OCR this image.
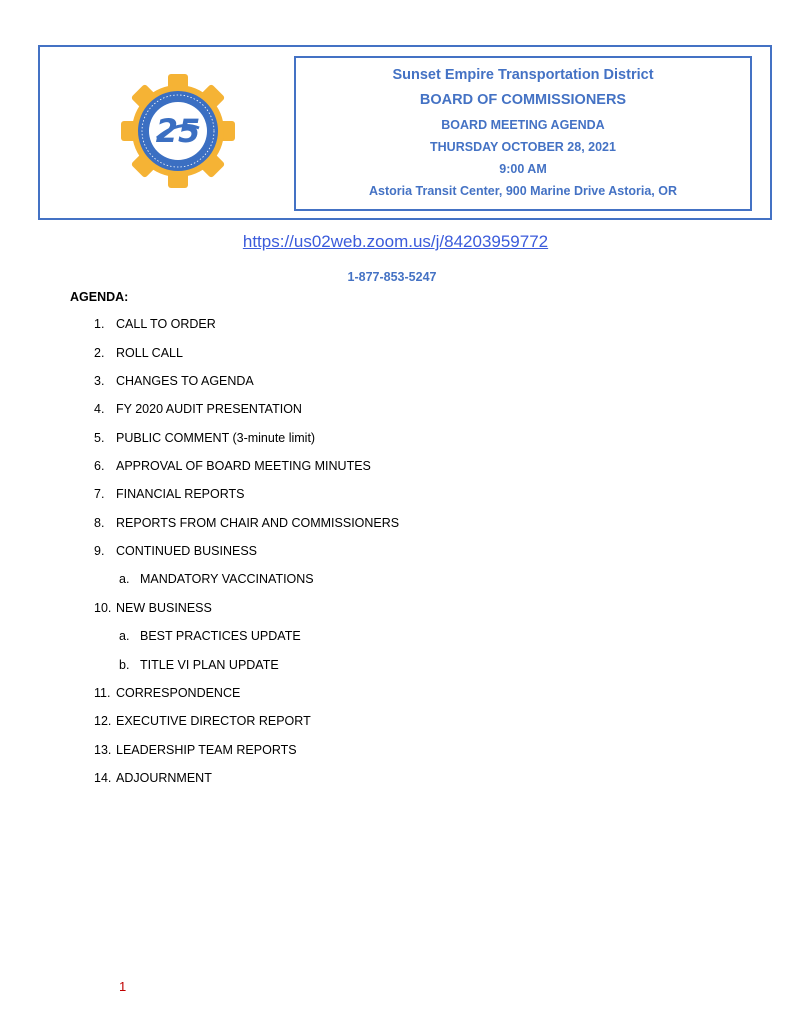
25
Sunset Empire Transportation District
BOARD OF COMMISSIONERS
BOARD MEETING AGENDA
THURSDAY OCTOBER 28, 2021
9:00 AM
Astoria Transit Center, 900 Marine Drive Astoria, OR
https://us02web.zoom.us/j/84203959772
1-877-853-5247
AGENDA:
1. CALL TO ORDER
2. ROLL CALL
3. CHANGES TO AGENDA
4. FY 2020 AUDIT PRESENTATION
5. PUBLIC COMMENT (3-minute limit)
6. APPROVAL OF BOARD MEETING MINUTES
7. FINANCIAL REPORTS
8. REPORTS FROM CHAIR AND COMMISSIONERS
9. CONTINUED BUSINESS
a. MANDATORY VACCINATIONS
10. NEW BUSINESS
a. BEST PRACTICES UPDATE
b. TITLE VI PLAN UPDATE
11. CORRESPONDENCE
12. EXECUTIVE DIRECTOR REPORT
13. LEADERSHIP TEAM REPORTS
14. ADJOURNMENT
1
